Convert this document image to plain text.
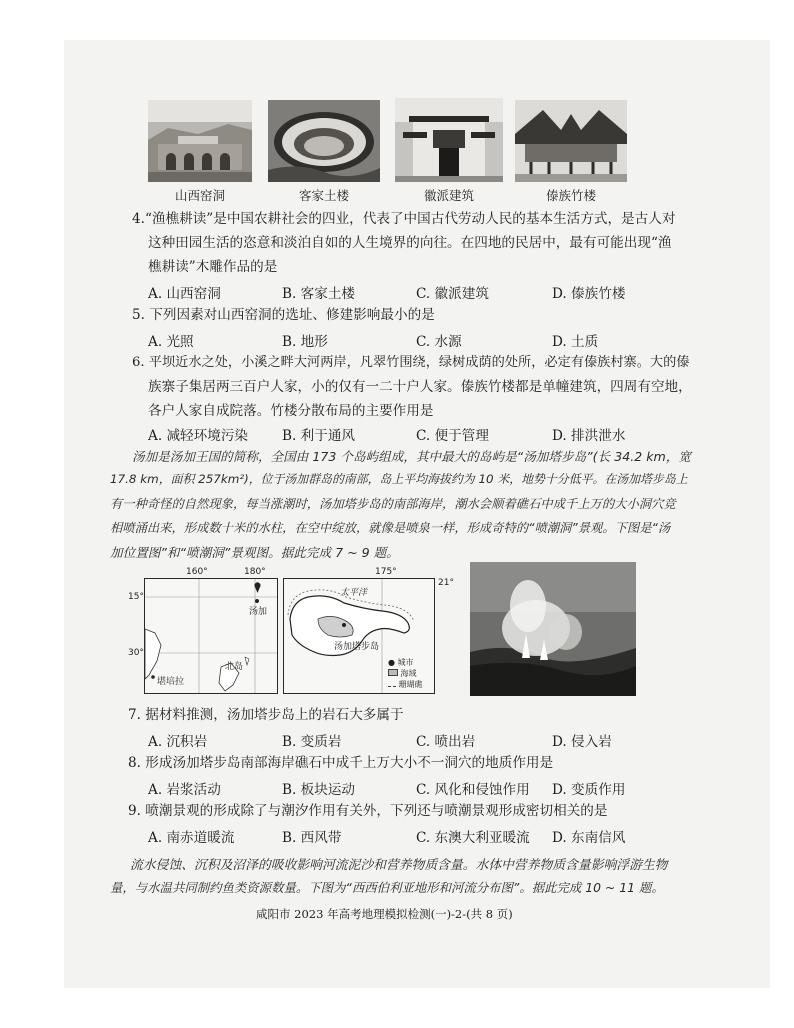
山西窑洞	客家土楼	徽派建筑	傣族竹楼
4.“渔樵耕读”是中国农耕社会的四业，代表了中国古代劳动人民的基本生活方式，是古人对
这种田园生活的恣意和淡泊自如的人生境界的向往。在四地的民居中，最有可能出现“渔
樵耕读”木雕作品的是
A. 山西窑洞	B. 客家土楼	C. 徽派建筑	D. 傣族竹楼
5. 下列因素对山西窑洞的选址、修建影响最小的是
A. 光照	B. 地形	C. 水源	D. 土质
6. 平坝近水之处，小溪之畔大河两岸，凡翠竹围绕，绿树成荫的处所，必定有傣族村寨。大的傣
族寨子集居两三百户人家，小的仅有一二十户人家。傣族竹楼都是单幢建筑，四周有空地，
各户人家自成院落。竹楼分散布局的主要作用是
A. 减轻环境污染 B. 利于通风	C. 便于管理	D. 排洪泄水
汤加是汤加王国的简称，全国由 173 个岛屿组成，其中最大的岛屿是“汤加塔步岛”(长 34.2 km，宽
17.8 km，面积 257km²)，位于汤加群岛的南部，岛上平均海拔约为 10 米，地势十分低平。在汤加塔步岛上
有一种奇怪的自然现象，每当涨潮时，汤加塔步岛的南部海岸，潮水会顺着礁石中成千上万的大小洞穴竞
相喷涌出来，形成数十米的水柱，在空中绽放，就像是喷泉一样，形成奇特的“喷潮洞”景观。下图是“汤
加位置图”和“喷潮洞”景观图。据此完成 7 ~ 9 题。
160°	180°
15°
30°
汤加
堪培拉
北岛
175°
21°
太平洋
汤加塔步岛
● 城市
海域
珊瑚礁
7. 据材料推测，汤加塔步岛上的岩石大多属于
A. 沉积岩	B. 变质岩	C. 喷出岩	D. 侵入岩
8. 形成汤加塔步岛南部海岸礁石中成千上万大小不一洞穴的地质作用是
A. 岩浆活动	B. 板块运动	C. 风化和侵蚀作用 D. 变质作用
9. 喷潮景观的形成除了与潮汐作用有关外，下列还与喷潮景观形成密切相关的是
A. 南赤道暖流	B. 西风带	C. 东澳大利亚暖流 D. 东南信风
流水侵蚀、沉积及沼泽的吸收影响河流泥沙和营养物质含量。水体中营养物质含量影响浮游生物
量，与水温共同制约鱼类资源数量。下图为“西西伯利亚地形和河流分布图”。据此完成 10 ~ 11 题。
咸阳市 2023 年高考地理模拟检测(一)-2-(共 8 页)
